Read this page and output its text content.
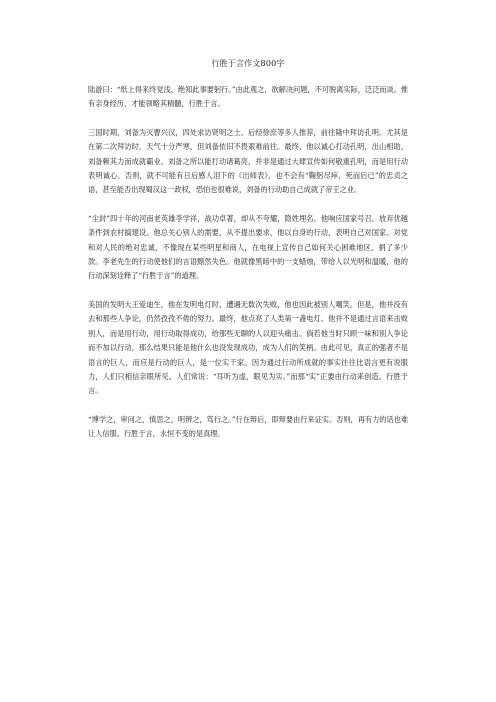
行胜于言作文800字

陆游曰：“纸上得来终觉浅，绝知此事要躬行。”由此观之，欲解决问题，不可脱离实际，泛泛而谈。惟有亲身经历，才能领略其精髓，行胜于言。

三国时期，刘备为灭曹兴汉，四处求访贤明之士。后经徐庶等多人推荐，前往隆中拜访孔明。尤其是在第二次拜访时，天气十分严寒，但刘备依旧不畏艰难前往。最终，他以诚心打动孔明，出山相助，刘备赖其力而成就霸业。刘备之所以能打动诸葛亮，并非是通过大肆宣传如何敬重孔明，而是用行动表明诚心。否则，就不可能有日后感人泪下的《出师表》，也不会有“鞠躬尽瘁，死而后已”的忠贞之语，甚至能否出现蜀汉这一政权，恐怕也很难说，刘备的行动助自己成就了帝王之业。

“尘封”四十年的河南老英雄李学祥，战功卓著，却从不夸耀，隐姓埋名。他响应国家号召，放弃优越条件到农村搞建设。他总关心别人的需要，从不提出要求，他以自身的行动，表明自己对国家、对党和对人民的绝对忠诚，不像现在某些明星和商人，在电视上宣传自己如何关心困难地区，捐了多少款。李老先生的行动使他们的言语黯然失色。他就像黑暗中的一支蜡烛，带给人以光明和温暖，他的行动深刻诠释了“行胜于言”的道理。

美国的发明大王爱迪生，他在发明电灯时，遭遇无数次失败，他也因此被别人嘲笑。但是，他并没有去和那些人争论，仍然孜孜不倦的努力。最终，他点亮了人类第一盏电灯。他并不是通过言语来击败别人，而是用行动，用行动取得成功，给那些无聊的人以迎头痛击。倘若他当时只顾一味和别人争论而不加以行动，那么结果只能是他什么也没发现成功，成为人们的笑柄。由此可见，真正的强者不是语言的巨人，而应是行动的巨人，是一位实干家。因为通过行动所成就的事实往往比语言更有说服力，人们只相信亲眼所见。人们常说：“耳听为虚，眼见为实。”而那“实”正要由行动来创造。行胜于言。

“博学之，审问之，慎思之，明辨之，笃行之。”行在辩后，即辩要由行来证实。否则，再有力的话也难让人信服。行胜于言，永恒不变的是真理。
